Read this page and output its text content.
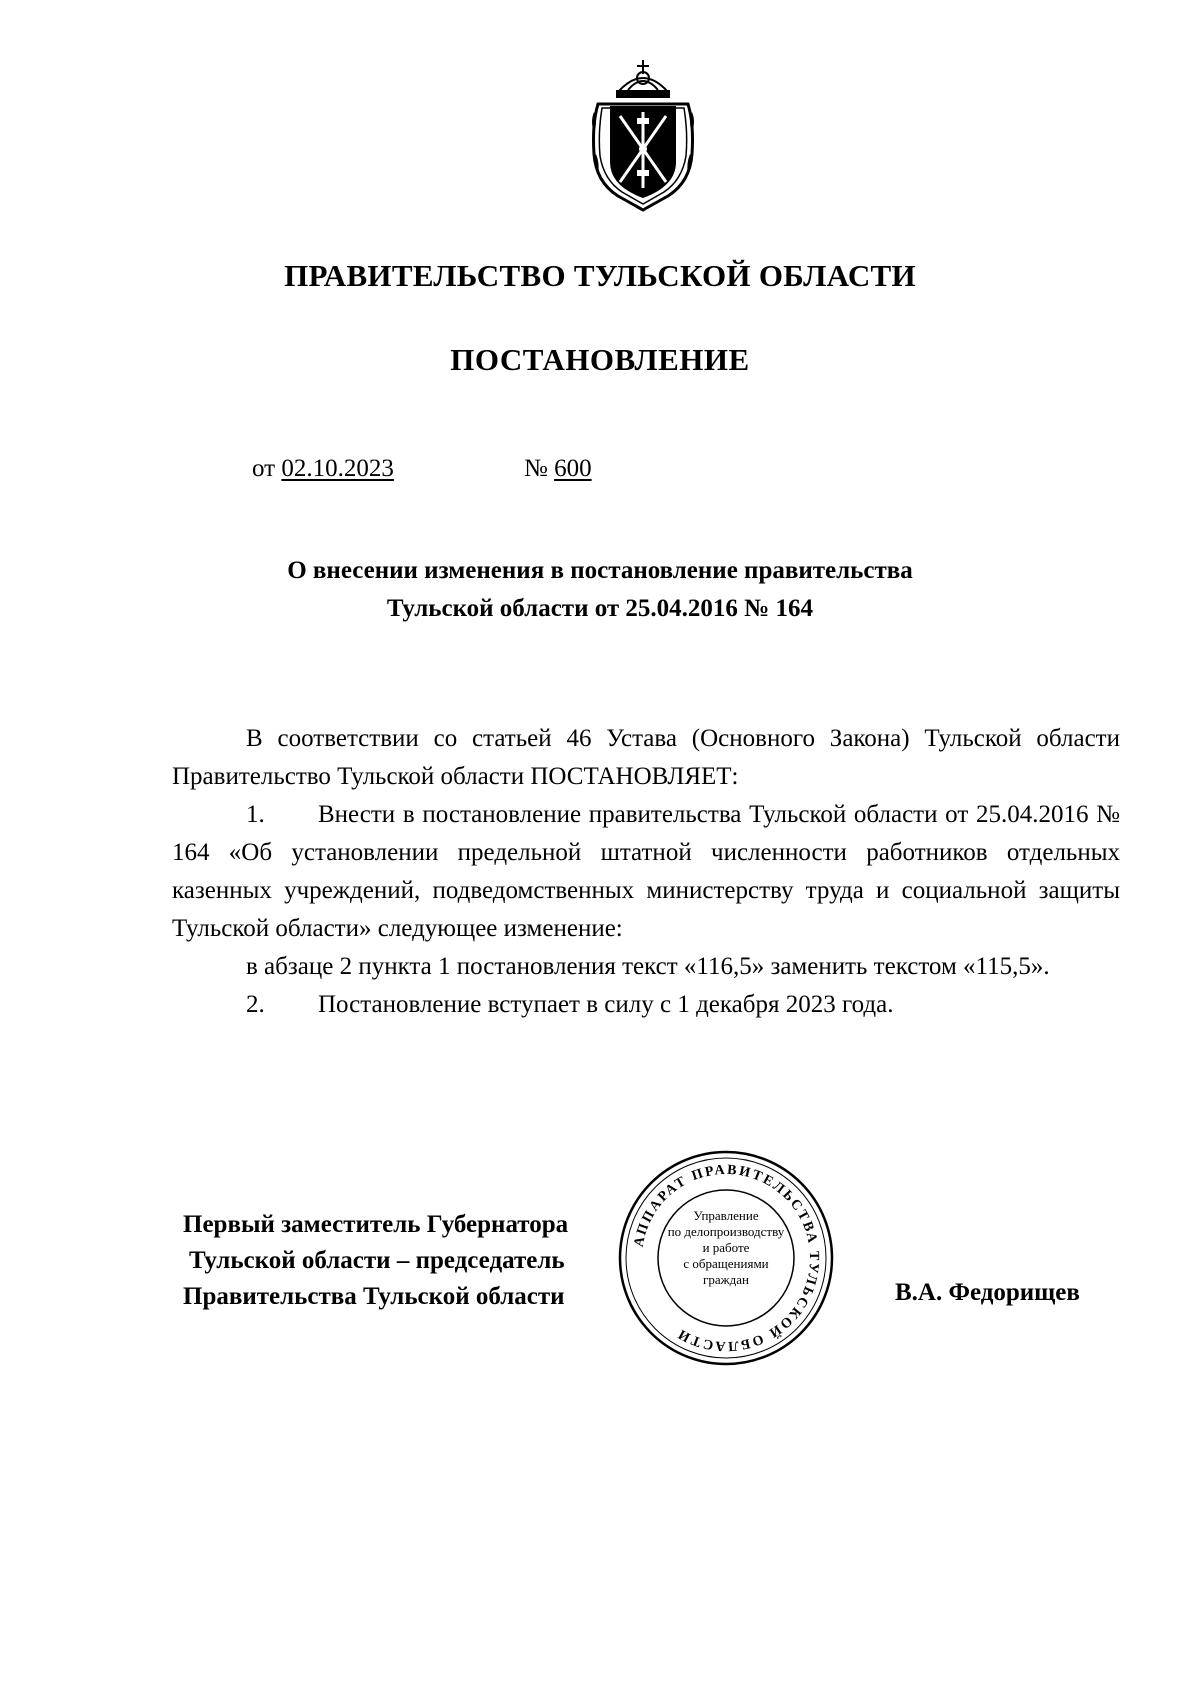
ПРАВИТЕЛЬСТВО ТУЛЬСКОЙ ОБЛАСТИ
ПОСТАНОВЛЕНИЕ
от 02.10.2023	№ 600
О внесении изменения в постановление правительства
Тульской области от 25.04.2016 № 164

В соответствии со статьей 46 Устава (Основного Закона) Тульской области Правительство Тульской области ПОСТАНОВЛЯЕТ:

1. Внести в постановление правительства Тульской области от 25.04.2016 № 164 «Об установлении предельной штатной численности работников отдельных казенных учреждений, подведомственных министерству труда и социальной защиты Тульской области» следующее изменение:

в абзаце 2 пункта 1 постановления текст «116,5» заменить текстом «115,5».

2. Постановление вступает в силу с 1 декабря 2023 года.

Первый заместитель Губернатора
Тульской области – председатель
Правительства Тульской области
АППАРАТ ПРАВИТЕЛЬСТВА ТУЛЬСКОЙ ОБЛАСТИ
Управление
по делопроизводству
и работе
с обращениями
граждан	В.А. Федорищев
